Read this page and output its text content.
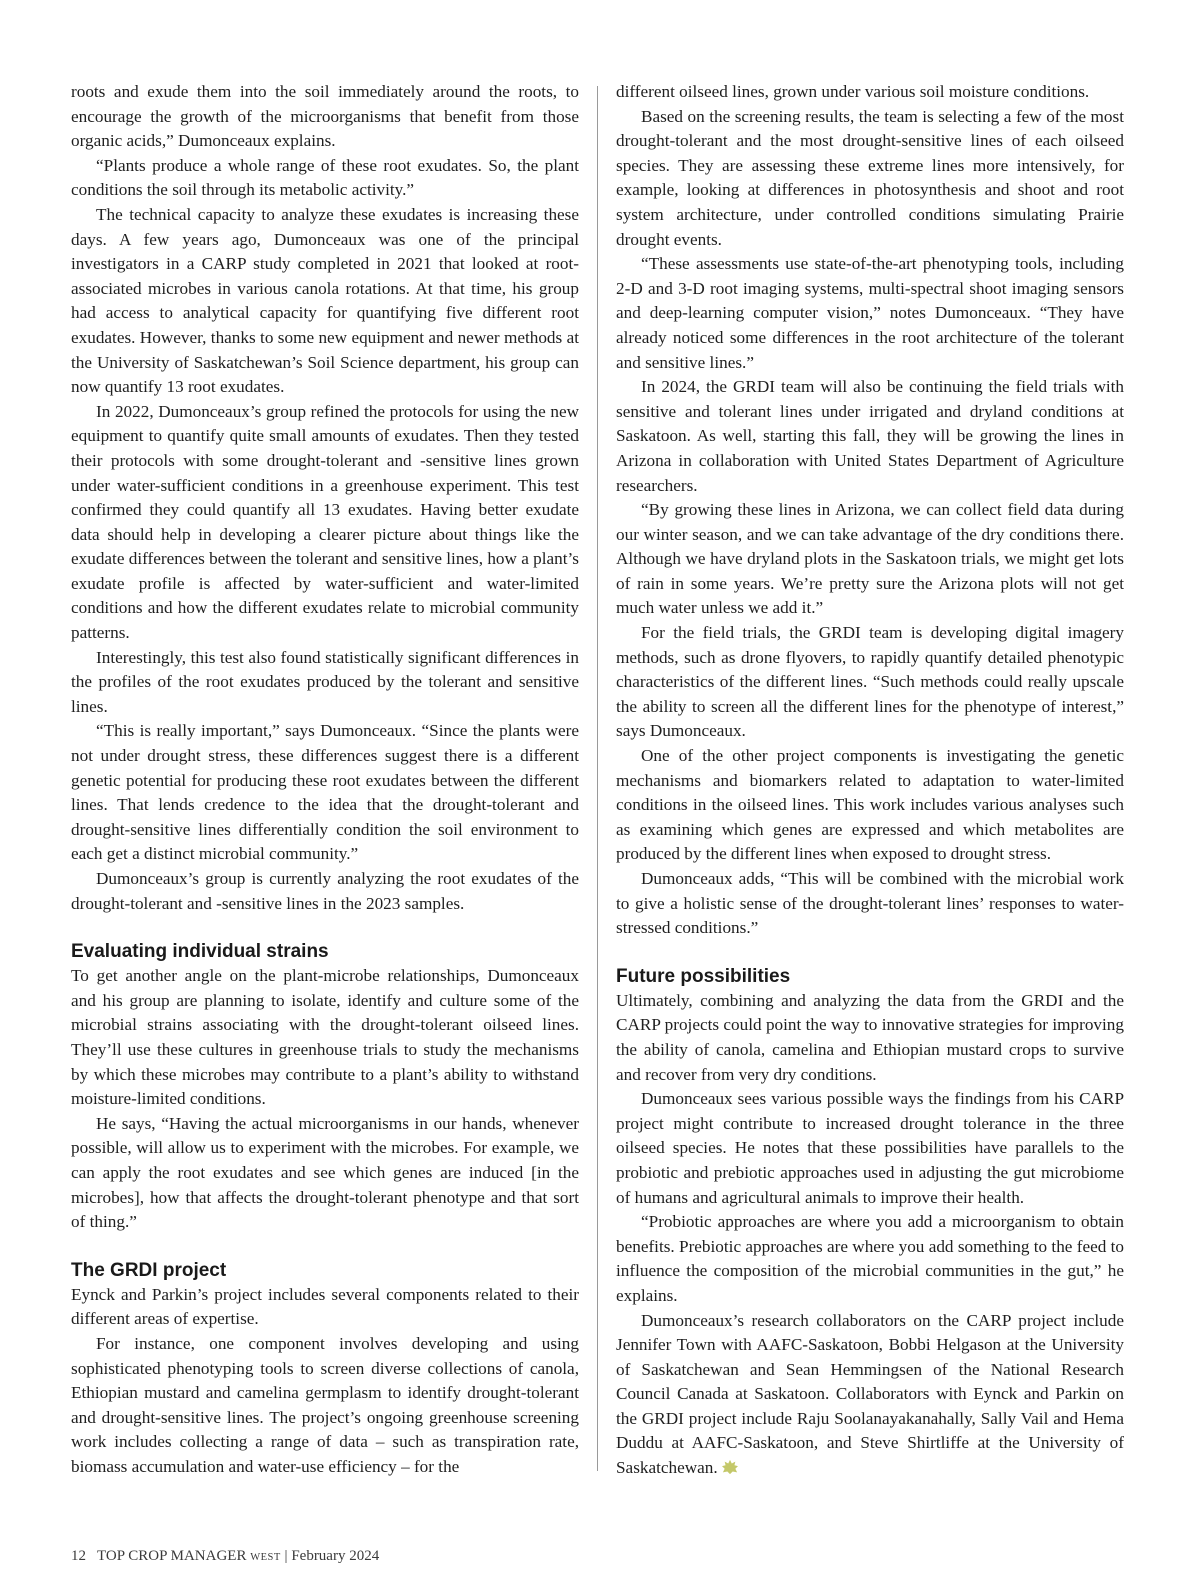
roots and exude them into the soil immediately around the roots, to encourage the growth of the microorganisms that benefit from those organic acids,” Dumonceaux explains.

“Plants produce a whole range of these root exudates. So, the plant conditions the soil through its metabolic activity.”

The technical capacity to analyze these exudates is increasing these days. A few years ago, Dumonceaux was one of the principal investigators in a CARP study completed in 2021 that looked at root-associated microbes in various canola rotations. At that time, his group had access to analytical capacity for quantifying five different root exudates. However, thanks to some new equipment and newer methods at the University of Saskatchewan’s Soil Science department, his group can now quantify 13 root exudates.

In 2022, Dumonceaux’s group refined the protocols for using the new equipment to quantify quite small amounts of exudates. Then they tested their protocols with some drought-tolerant and -sensitive lines grown under water-sufficient conditions in a greenhouse experiment. This test confirmed they could quantify all 13 exudates. Having better exudate data should help in developing a clearer picture about things like the exudate differences between the tolerant and sensitive lines, how a plant’s exudate profile is affected by water-sufficient and water-limited conditions and how the different exudates relate to microbial community patterns.

Interestingly, this test also found statistically significant differences in the profiles of the root exudates produced by the tolerant and sensitive lines.

“This is really important,” says Dumonceaux. “Since the plants were not under drought stress, these differences suggest there is a different genetic potential for producing these root exudates between the different lines. That lends credence to the idea that the drought-tolerant and drought-sensitive lines differentially condition the soil environment to each get a distinct microbial community.”

Dumonceaux’s group is currently analyzing the root exudates of the drought-tolerant and -sensitive lines in the 2023 samples.

Evaluating individual strains

To get another angle on the plant-microbe relationships, Dumonceaux and his group are planning to isolate, identify and culture some of the microbial strains associating with the drought-tolerant oilseed lines. They’ll use these cultures in greenhouse trials to study the mechanisms by which these microbes may contribute to a plant’s ability to withstand moisture-limited conditions.

He says, “Having the actual microorganisms in our hands, whenever possible, will allow us to experiment with the microbes. For example, we can apply the root exudates and see which genes are induced [in the microbes], how that affects the drought-tolerant phenotype and that sort of thing.”

The GRDI project

Eynck and Parkin’s project includes several components related to their different areas of expertise.

For instance, one component involves developing and using sophisticated phenotyping tools to screen diverse collections of canola, Ethiopian mustard and camelina germplasm to identify drought-tolerant and drought-sensitive lines. The project’s ongoing greenhouse screening work includes collecting a range of data – such as transpiration rate, biomass accumulation and water-use efficiency – for the

different oilseed lines, grown under various soil moisture conditions.

Based on the screening results, the team is selecting a few of the most drought-tolerant and the most drought-sensitive lines of each oilseed species. They are assessing these extreme lines more intensively, for example, looking at differences in photosynthesis and shoot and root system architecture, under controlled conditions simulating Prairie drought events.

“These assessments use state-of-the-art phenotyping tools, including 2-D and 3-D root imaging systems, multi-spectral shoot imaging sensors and deep-learning computer vision,” notes Dumonceaux. “They have already noticed some differences in the root architecture of the tolerant and sensitive lines.”

In 2024, the GRDI team will also be continuing the field trials with sensitive and tolerant lines under irrigated and dryland conditions at Saskatoon. As well, starting this fall, they will be growing the lines in Arizona in collaboration with United States Department of Agriculture researchers.

“By growing these lines in Arizona, we can collect field data during our winter season, and we can take advantage of the dry conditions there. Although we have dryland plots in the Saskatoon trials, we might get lots of rain in some years. We’re pretty sure the Arizona plots will not get much water unless we add it.”

For the field trials, the GRDI team is developing digital imagery methods, such as drone flyovers, to rapidly quantify detailed phenotypic characteristics of the different lines. “Such methods could really upscale the ability to screen all the different lines for the phenotype of interest,” says Dumonceaux.

One of the other project components is investigating the genetic mechanisms and biomarkers related to adaptation to water-limited conditions in the oilseed lines. This work includes various analyses such as examining which genes are expressed and which metabolites are produced by the different lines when exposed to drought stress.

Dumonceaux adds, “This will be combined with the microbial work to give a holistic sense of the drought-tolerant lines’ responses to water-stressed conditions.”

Future possibilities

Ultimately, combining and analyzing the data from the GRDI and the CARP projects could point the way to innovative strategies for improving the ability of canola, camelina and Ethiopian mustard crops to survive and recover from very dry conditions.

Dumonceaux sees various possible ways the findings from his CARP project might contribute to increased drought tolerance in the three oilseed species. He notes that these possibilities have parallels to the probiotic and prebiotic approaches used in adjusting the gut microbiome of humans and agricultural animals to improve their health.

“Probiotic approaches are where you add a microorganism to obtain benefits. Prebiotic approaches are where you add something to the feed to influence the composition of the microbial communities in the gut,” he explains.

Dumonceaux’s research collaborators on the CARP project include Jennifer Town with AAFC-Saskatoon, Bobbi Helgason at the University of Saskatchewan and Sean Hemmingsen of the National Research Council Canada at Saskatoon. Collaborators with Eynck and Parkin on the GRDI project include Raju Soolanayakanahally, Sally Vail and Hema Duddu at AAFC-Saskatoon, and Steve Shirtliffe at the University of Saskatchewan.

12 TOP CROP MANAGER WEST | February 2024
